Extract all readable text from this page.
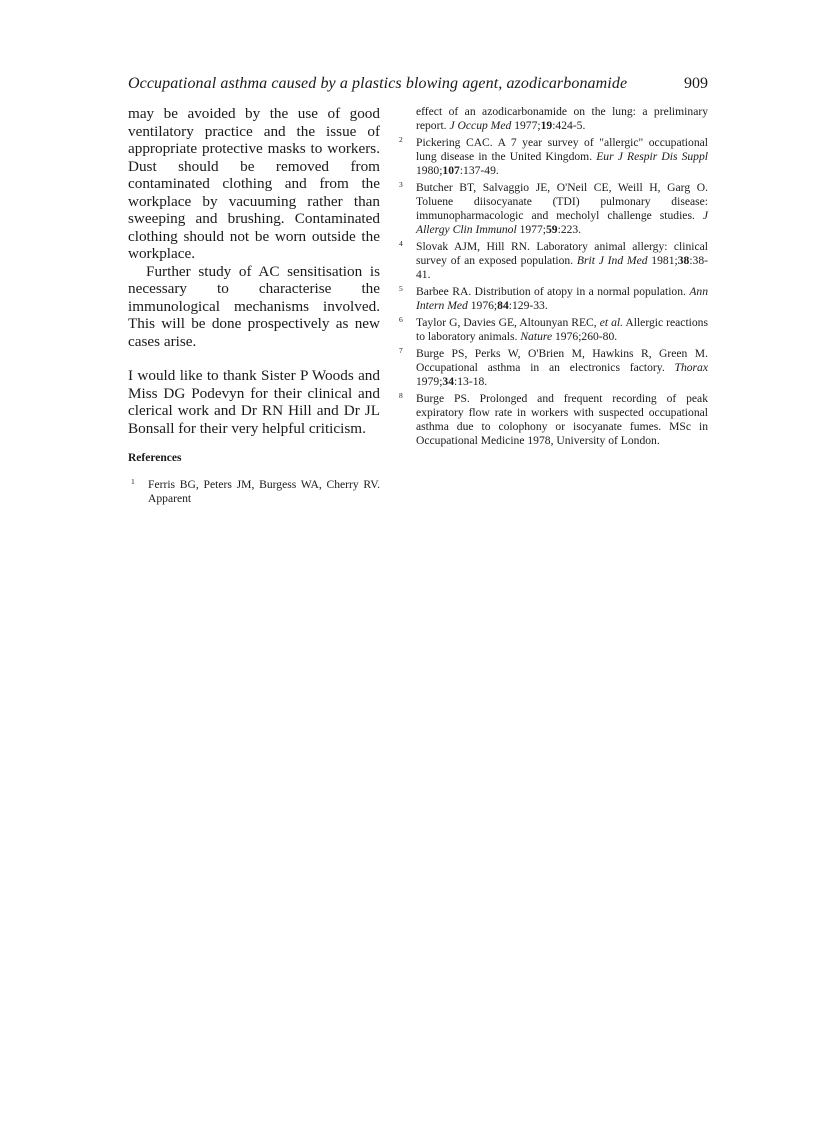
Occupational asthma caused by a plastics blowing agent, azodicarbonamide	909

may be avoided by the use of good ventilatory practice and the issue of appropriate protective masks to workers. Dust should be removed from contaminated clothing and from the workplace by vacuuming rather than sweeping and brushing. Contaminated clothing should not be worn outside the workplace.

Further study of AC sensitisation is necessary to characterise the immunological mechanisms involved. This will be done prospectively as new cases arise.

I would like to thank Sister P Woods and Miss DG Podevyn for their clinical and clerical work and Dr RN Hill and Dr JL Bonsall for their very helpful criticism.

References
1 Ferris BG, Peters JM, Burgess WA, Cherry RV. Apparent
effect of an azodicarbonamide on the lung: a preliminary report. J Occup Med 1977;19:424-5.
2 Pickering CAC. A 7 year survey of "allergic" occupational lung disease in the United Kingdom. Eur J Respir Dis Suppl 1980;107:137-49.
3 Butcher BT, Salvaggio JE, O'Neil CE, Weill H, Garg O. Toluene diisocyanate (TDI) pulmonary disease: immunopharmacologic and mecholyl challenge studies. J Allergy Clin Immunol 1977;59:223.
4 Slovak AJM, Hill RN. Laboratory animal allergy: clinical survey of an exposed population. Brit J Ind Med 1981;38:38-41.
5 Barbee RA. Distribution of atopy in a normal population. Ann Intern Med 1976;84:129-33.
6 Taylor G, Davies GE, Altounyan REC, et al. Allergic reactions to laboratory animals. Nature 1976;260-80.
7 Burge PS, Perks W, O'Brien M, Hawkins R, Green M. Occupational asthma in an electronics factory. Thorax 1979;34:13-18.
8 Burge PS. Prolonged and frequent recording of peak expiratory flow rate in workers with suspected occupational asthma due to colophony or isocyanate fumes. MSc in Occupational Medicine 1978, University of London.
